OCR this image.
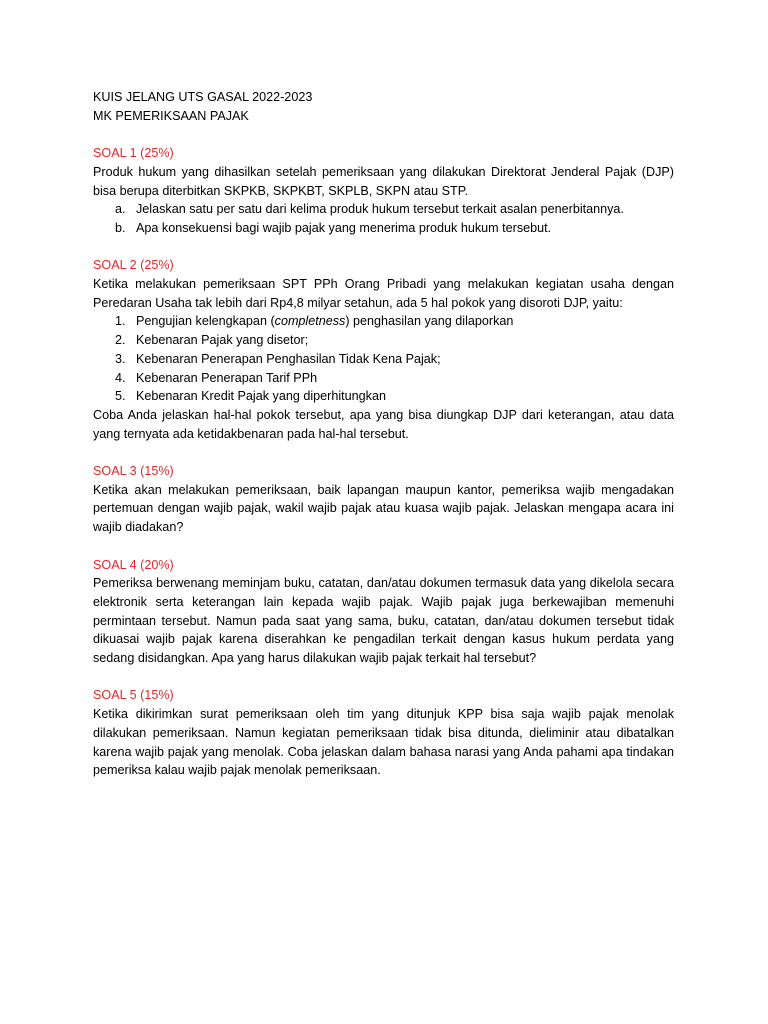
KUIS JELANG UTS GASAL 2022-2023

MK PEMERIKSAAN PAJAK

SOAL 1 (25%)

Produk hukum yang dihasilkan setelah pemeriksaan yang dilakukan Direktorat Jenderal Pajak (DJP) bisa berupa diterbitkan SKPKB, SKPKBT, SKPLB, SKPN atau STP.

a. Jelaskan satu per satu dari kelima produk hukum tersebut terkait asalan penerbitannya.
b. Apa konsekuensi bagi wajib pajak yang menerima produk hukum tersebut.

SOAL 2 (25%)

Ketika melakukan pemeriksaan SPT PPh Orang Pribadi yang melakukan kegiatan usaha dengan Peredaran Usaha tak lebih dari Rp4,8 milyar setahun, ada 5 hal pokok yang disoroti DJP, yaitu:

1. Pengujian kelengkapan (completness) penghasilan yang dilaporkan
2. Kebenaran Pajak yang disetor;
3. Kebenaran Penerapan Penghasilan Tidak Kena Pajak;
4. Kebenaran Penerapan Tarif PPh
5. Kebenaran Kredit Pajak yang diperhitungkan

Coba Anda jelaskan hal-hal pokok tersebut, apa yang bisa diungkap DJP dari keterangan, atau data yang ternyata ada ketidakbenaran pada hal-hal tersebut.

SOAL 3 (15%)

Ketika akan melakukan pemeriksaan, baik lapangan maupun kantor, pemeriksa wajib mengadakan pertemuan dengan wajib pajak, wakil wajib pajak atau kuasa wajib pajak. Jelaskan mengapa acara ini wajib diadakan?

SOAL 4 (20%)

Pemeriksa berwenang meminjam buku, catatan, dan/atau dokumen termasuk data yang dikelola secara elektronik serta keterangan lain kepada wajib pajak. Wajib pajak juga berkewajiban memenuhi permintaan tersebut. Namun pada saat yang sama, buku, catatan, dan/atau dokumen tersebut tidak dikuasai wajib pajak karena diserahkan ke pengadilan terkait dengan kasus hukum perdata yang sedang disidangkan. Apa yang harus dilakukan wajib pajak terkait hal tersebut?

SOAL 5 (15%)

Ketika dikirimkan surat pemeriksaan oleh tim yang ditunjuk KPP bisa saja wajib pajak menolak dilakukan pemeriksaan. Namun kegiatan pemeriksaan tidak bisa ditunda, dieliminir atau dibatalkan karena wajib pajak yang menolak. Coba jelaskan dalam bahasa narasi yang Anda pahami apa tindakan pemeriksa kalau wajib pajak menolak pemeriksaan.
